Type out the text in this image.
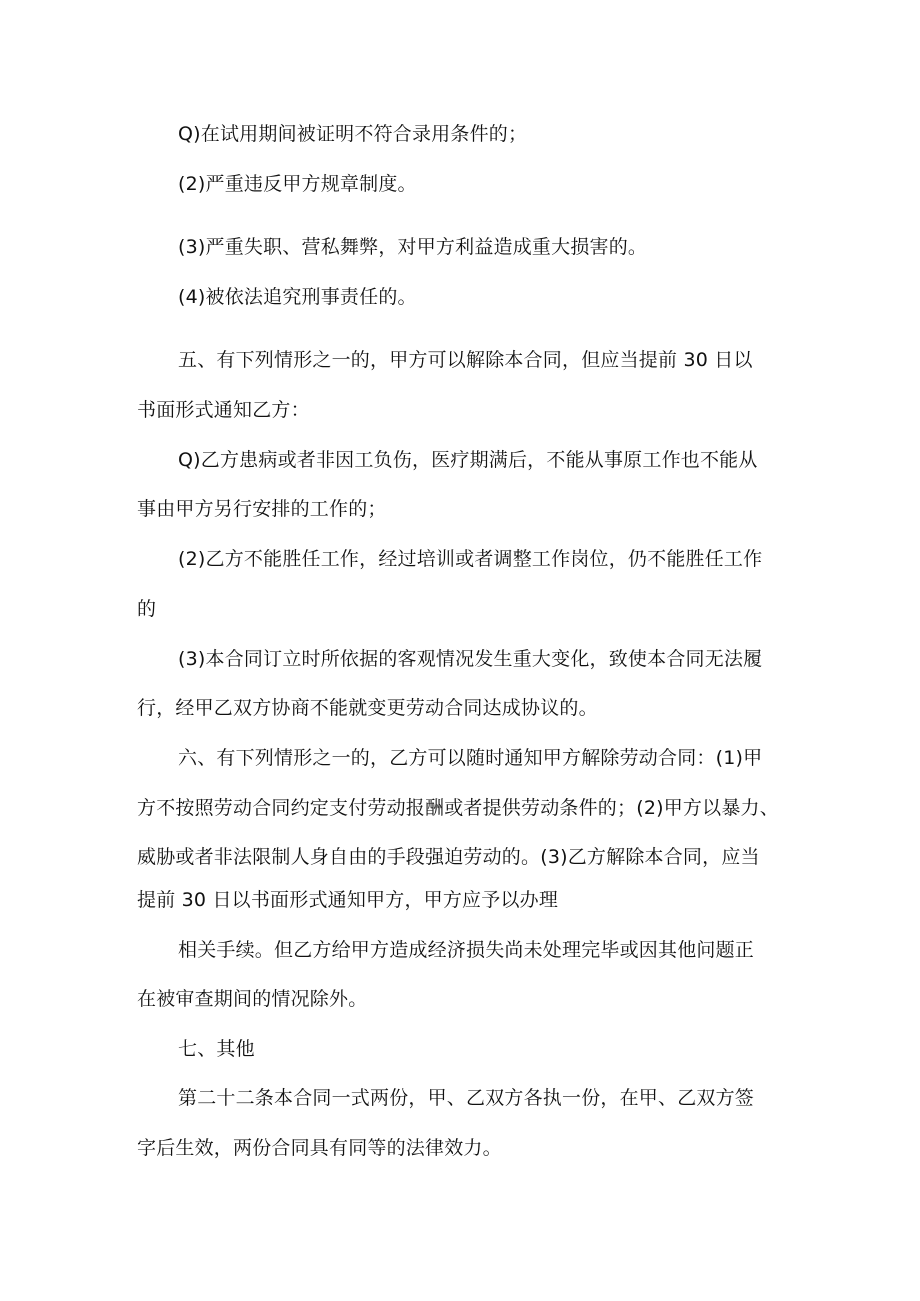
Q)在试用期间被证明不符合录用条件的；
(2)严重违反甲方规章制度。
(3)严重失职、营私舞弊，对甲方利益造成重大损害的。
(4)被依法追究刑事责任的。
五、有下列情形之一的，甲方可以解除本合同，但应当提前 30 日以
书面形式通知乙方：
Q)乙方患病或者非因工负伤，医疗期满后，不能从事原工作也不能从
事由甲方另行安排的工作的；
(2)乙方不能胜任工作，经过培训或者调整工作岗位，仍不能胜任工作
的
(3)本合同订立时所依据的客观情况发生重大变化，致使本合同无法履
行，经甲乙双方协商不能就变更劳动合同达成协议的。
六、有下列情形之一的，乙方可以随时通知甲方解除劳动合同：(1)甲
方不按照劳动合同约定支付劳动报酬或者提供劳动条件的；(2)甲方以暴力、
威胁或者非法限制人身自由的手段强迫劳动的。(3)乙方解除本合同，应当
提前 30 日以书面形式通知甲方，甲方应予以办理
相关手续。但乙方给甲方造成经济损失尚未处理完毕或因其他问题正
在被审查期间的情况除外。
七、其他
第二十二条本合同一式两份，甲、乙双方各执一份，在甲、乙双方签
字后生效，两份合同具有同等的法律效力。
